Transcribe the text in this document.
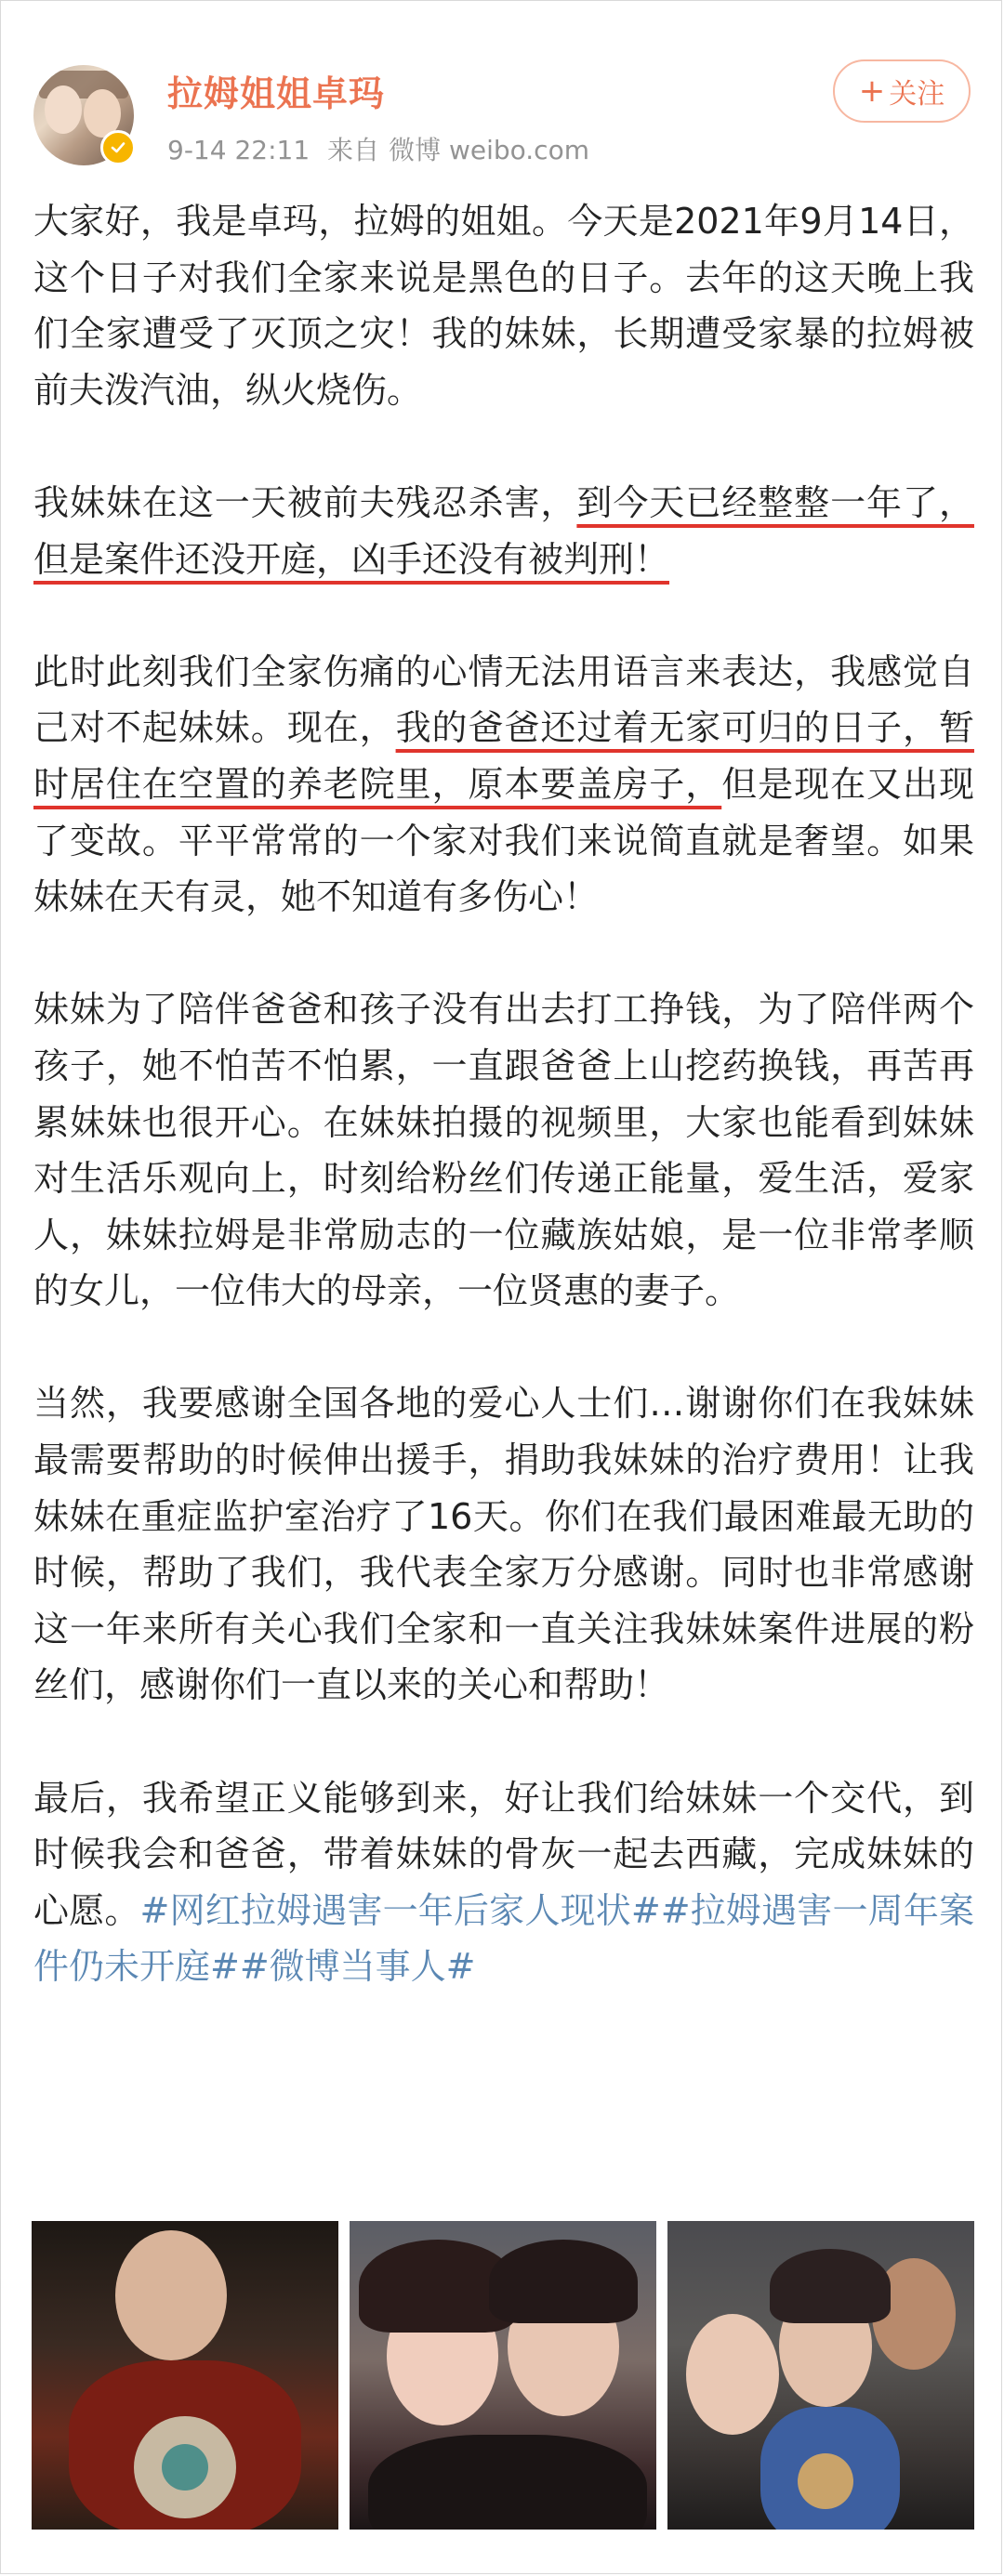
拉姆姐姐卓玛
9-14 22:11 来自 微博 weibo.com
+ 关注

大家好，我是卓玛，拉姆的姐姐。今天是2021年9月14日，这个日子对我们全家来说是黑色的日子。去年的这天晚上我们全家遭受了灭顶之灾！我的妹妹，长期遭受家暴的拉姆被前夫泼汽油，纵火烧伤。

我妹妹在这一天被前夫残忍杀害，到今天已经整整一年了，但是案件还没开庭，凶手还没有被判刑！

此时此刻我们全家伤痛的心情无法用语言来表达，我感觉自己对不起妹妹。现在，我的爸爸还过着无家可归的日子，暂时居住在空置的养老院里，原本要盖房子，但是现在又出现了变故。平平常常的一个家对我们来说简直就是奢望。如果妹妹在天有灵，她不知道有多伤心！

妹妹为了陪伴爸爸和孩子没有出去打工挣钱，为了陪伴两个孩子，她不怕苦不怕累，一直跟爸爸上山挖药换钱，再苦再累妹妹也很开心。在妹妹拍摄的视频里，大家也能看到妹妹对生活乐观向上，时刻给粉丝们传递正能量，爱生活，爱家人，妹妹拉姆是非常励志的一位藏族姑娘，是一位非常孝顺的女儿，一位伟大的母亲，一位贤惠的妻子。

当然，我要感谢全国各地的爱心人士们…谢谢你们在我妹妹最需要帮助的时候伸出援手，捐助我妹妹的治疗费用！让我妹妹在重症监护室治疗了16天。你们在我们最困难最无助的时候，帮助了我们，我代表全家万分感谢。同时也非常感谢这一年来所有关心我们全家和一直关注我妹妹案件进展的粉丝们，感谢你们一直以来的关心和帮助！

最后，我希望正义能够到来，好让我们给妹妹一个交代，到时候我会和爸爸，带着妹妹的骨灰一起去西藏，完成妹妹的心愿。#网红拉姆遇害一年后家人现状##拉姆遇害一周年案件仍未开庭##微博当事人#
